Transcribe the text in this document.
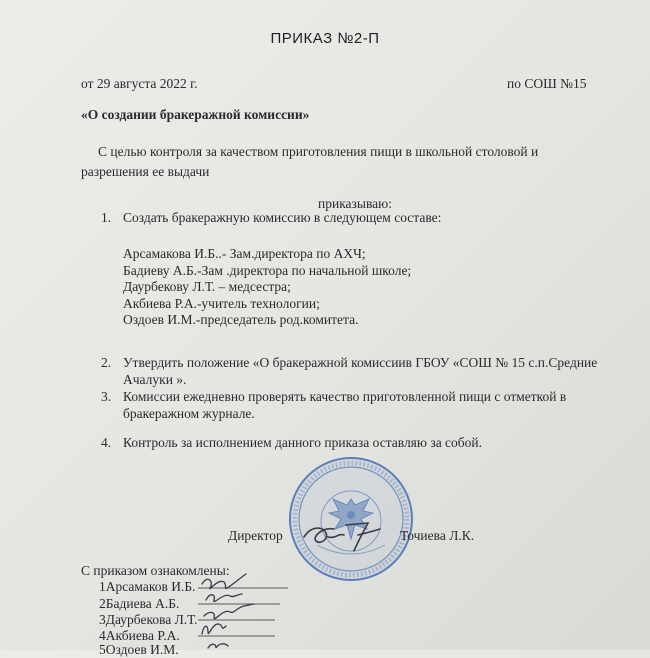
ПРИКАЗ №2-П
от 29 августа 2022 г.	по СОШ №15
«О создании бракеражной комиссии»
С целью контроля за качеством приготовления пищи в школьной столовой и
разрешения ее выдачи
приказываю:
1. Создать бракеражную комиссию в следующем составе:
Арсамакова И.Б..- Зам.директора по АХЧ;
Бадиеву А.Б.-Зам .директора по начальной школе;
Даурбекову Л.Т. – медсестра;
Акбиева Р.А.-учитель технологии;
Оздоев И.М.-председатель род.комитета.
2. Утвердить положение «О бракеражной комиссиив ГБОУ «СОШ № 15 с.п.Средние
Ачалуки ».
3. Комиссии ежедневно проверять качество приготовленной пищи с отметкой в
бракеражном журнале.
4. Контроль за исполнением данного приказа оставляю за собой.
Директор	Точиева Л.К.
С приказом ознакомлены:
1Арсамаков И.Б.
2Бадиева А.Б.
3Даурбекова Л.Т.
4Акбиева Р.А.
5Оздоев И.М.
